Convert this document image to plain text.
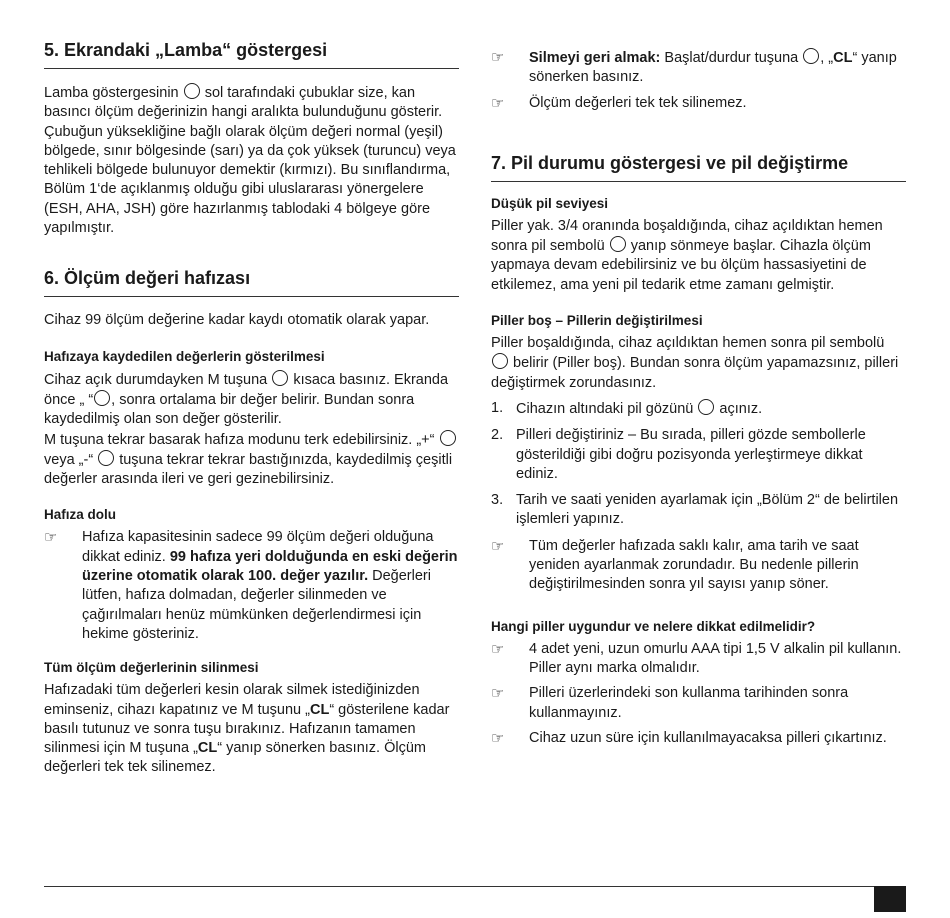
5. Ekrandaki „Lamba“ göstergesi

Lamba göstergesinin sol tarafındaki çubuklar size, kan basıncı ölçüm değerinizin hangi aralıkta bulunduğunu gösterir.

Çubuğun yüksekliğine bağlı olarak ölçüm değeri normal (yeşil) bölgede, sınır bölgesinde (sarı) ya da çok yüksek (turuncu) veya tehlikeli bölgede bulunuyor demektir (kırmızı). Bu sınıflandırma, Bölüm 1‘de açıklanmış olduğu gibi uluslararası yönergelere (ESH, AHA, JSH) göre hazırlanmış tablodaki 4 bölgeye göre yapılmıştır.

6. Ölçüm değeri hafızası

Cihaz 99 ölçüm değerine kadar kaydı otomatik olarak yapar.

Hafızaya kaydedilen değerlerin gösterilmesi

Cihaz açık durumdayken M tuşuna kısaca basınız. Ekranda önce „ “ , sonra ortalama bir değer belirir. Bundan sonra kaydedilmiş olan son değer gösterilir.
M tuşuna tekrar basarak hafıza modunu terk edebilirsiniz. „+“  veya „-“ tuşuna tekrar tekrar bastığınızda, kaydedilmiş çeşitli değerler arasında ileri ve geri gezinebilirsiniz.

Hafıza dolu
☞	Hafıza kapasitesinin sadece 99 ölçüm değeri olduğuna dikkat ediniz. 99 hafıza yeri dolduğunda en eski değerin üzerine otomatik olarak 100. değer yazılır. Değerleri lütfen, hafıza dolmadan, değerler silinmeden ve çağırılmaları henüz mümkünken değerlendirmesi için hekime gösteriniz.

Tüm ölçüm değerlerinin silinmesi

Hafızadaki tüm değerleri kesin olarak silmek istediğinizden eminseniz, cihazı kapatınız ve M tuşunu „CL“ gösterilene kadar basılı tutunuz ve sonra tuşu bırakınız. Hafızanın tamamen silinmesi için M tuşuna „CL“ yanıp sönerken basınız. Ölçüm değerleri tek tek silinemez.

☞	Silmeyi geri almak: Başlat/durdur tuşuna , „CL“ yanıp sönerken basınız.

☞	Ölçüm değerleri tek tek silinemez.

7. Pil durumu göstergesi ve pil değiştirme
Düşük pil seviyesi

Piller yak. 3/4 oranında boşaldığında, cihaz açıldıktan hemen sonra pil sembolü yanıp sönmeye başlar. Cihazla ölçüm yapmaya devam edebilirsiniz ve bu ölçüm hassasiyetini de etkilemez, ama yeni pil tedarik etme zamanı gelmiştir.

Piller boş – Pillerin değiştirilmesi

Piller boşaldığında, cihaz açıldıktan hemen sonra pil sembolü  belirir (Piller boş). Bundan sonra ölçüm yapamazsınız, pilleri değiştirmek zorundasınız.

1. Cihazın altındaki pil gözünü açınız.

2. Pilleri değiştiriniz – Bu sırada, pilleri gözde sembollerle gösterildiği gibi doğru pozisyonda yerleştirmeye dikkat ediniz.

3. Tarih ve saati yeniden ayarlamak için „Bölüm 2“ de belirtilen işlemleri yapınız.

☞	Tüm değerler hafızada saklı kalır, ama tarih ve saat yeniden ayarlanmak zorundadır. Bu nedenle pillerin değiştirilmesinden sonra yıl sayısı yanıp söner.

Hangi piller uygundur ve nelere dikkat edilmelidir?
☞	4 adet yeni, uzun omurlu AAA tipi 1,5 V alkalin pil kullanın. Piller aynı marka olmalıdır.

☞	Pilleri üzerlerindeki son kullanma tarihinden sonra kullanmayınız.

☞	Cihaz uzun süre için kullanılmayacaksa pilleri çıkartınız.
